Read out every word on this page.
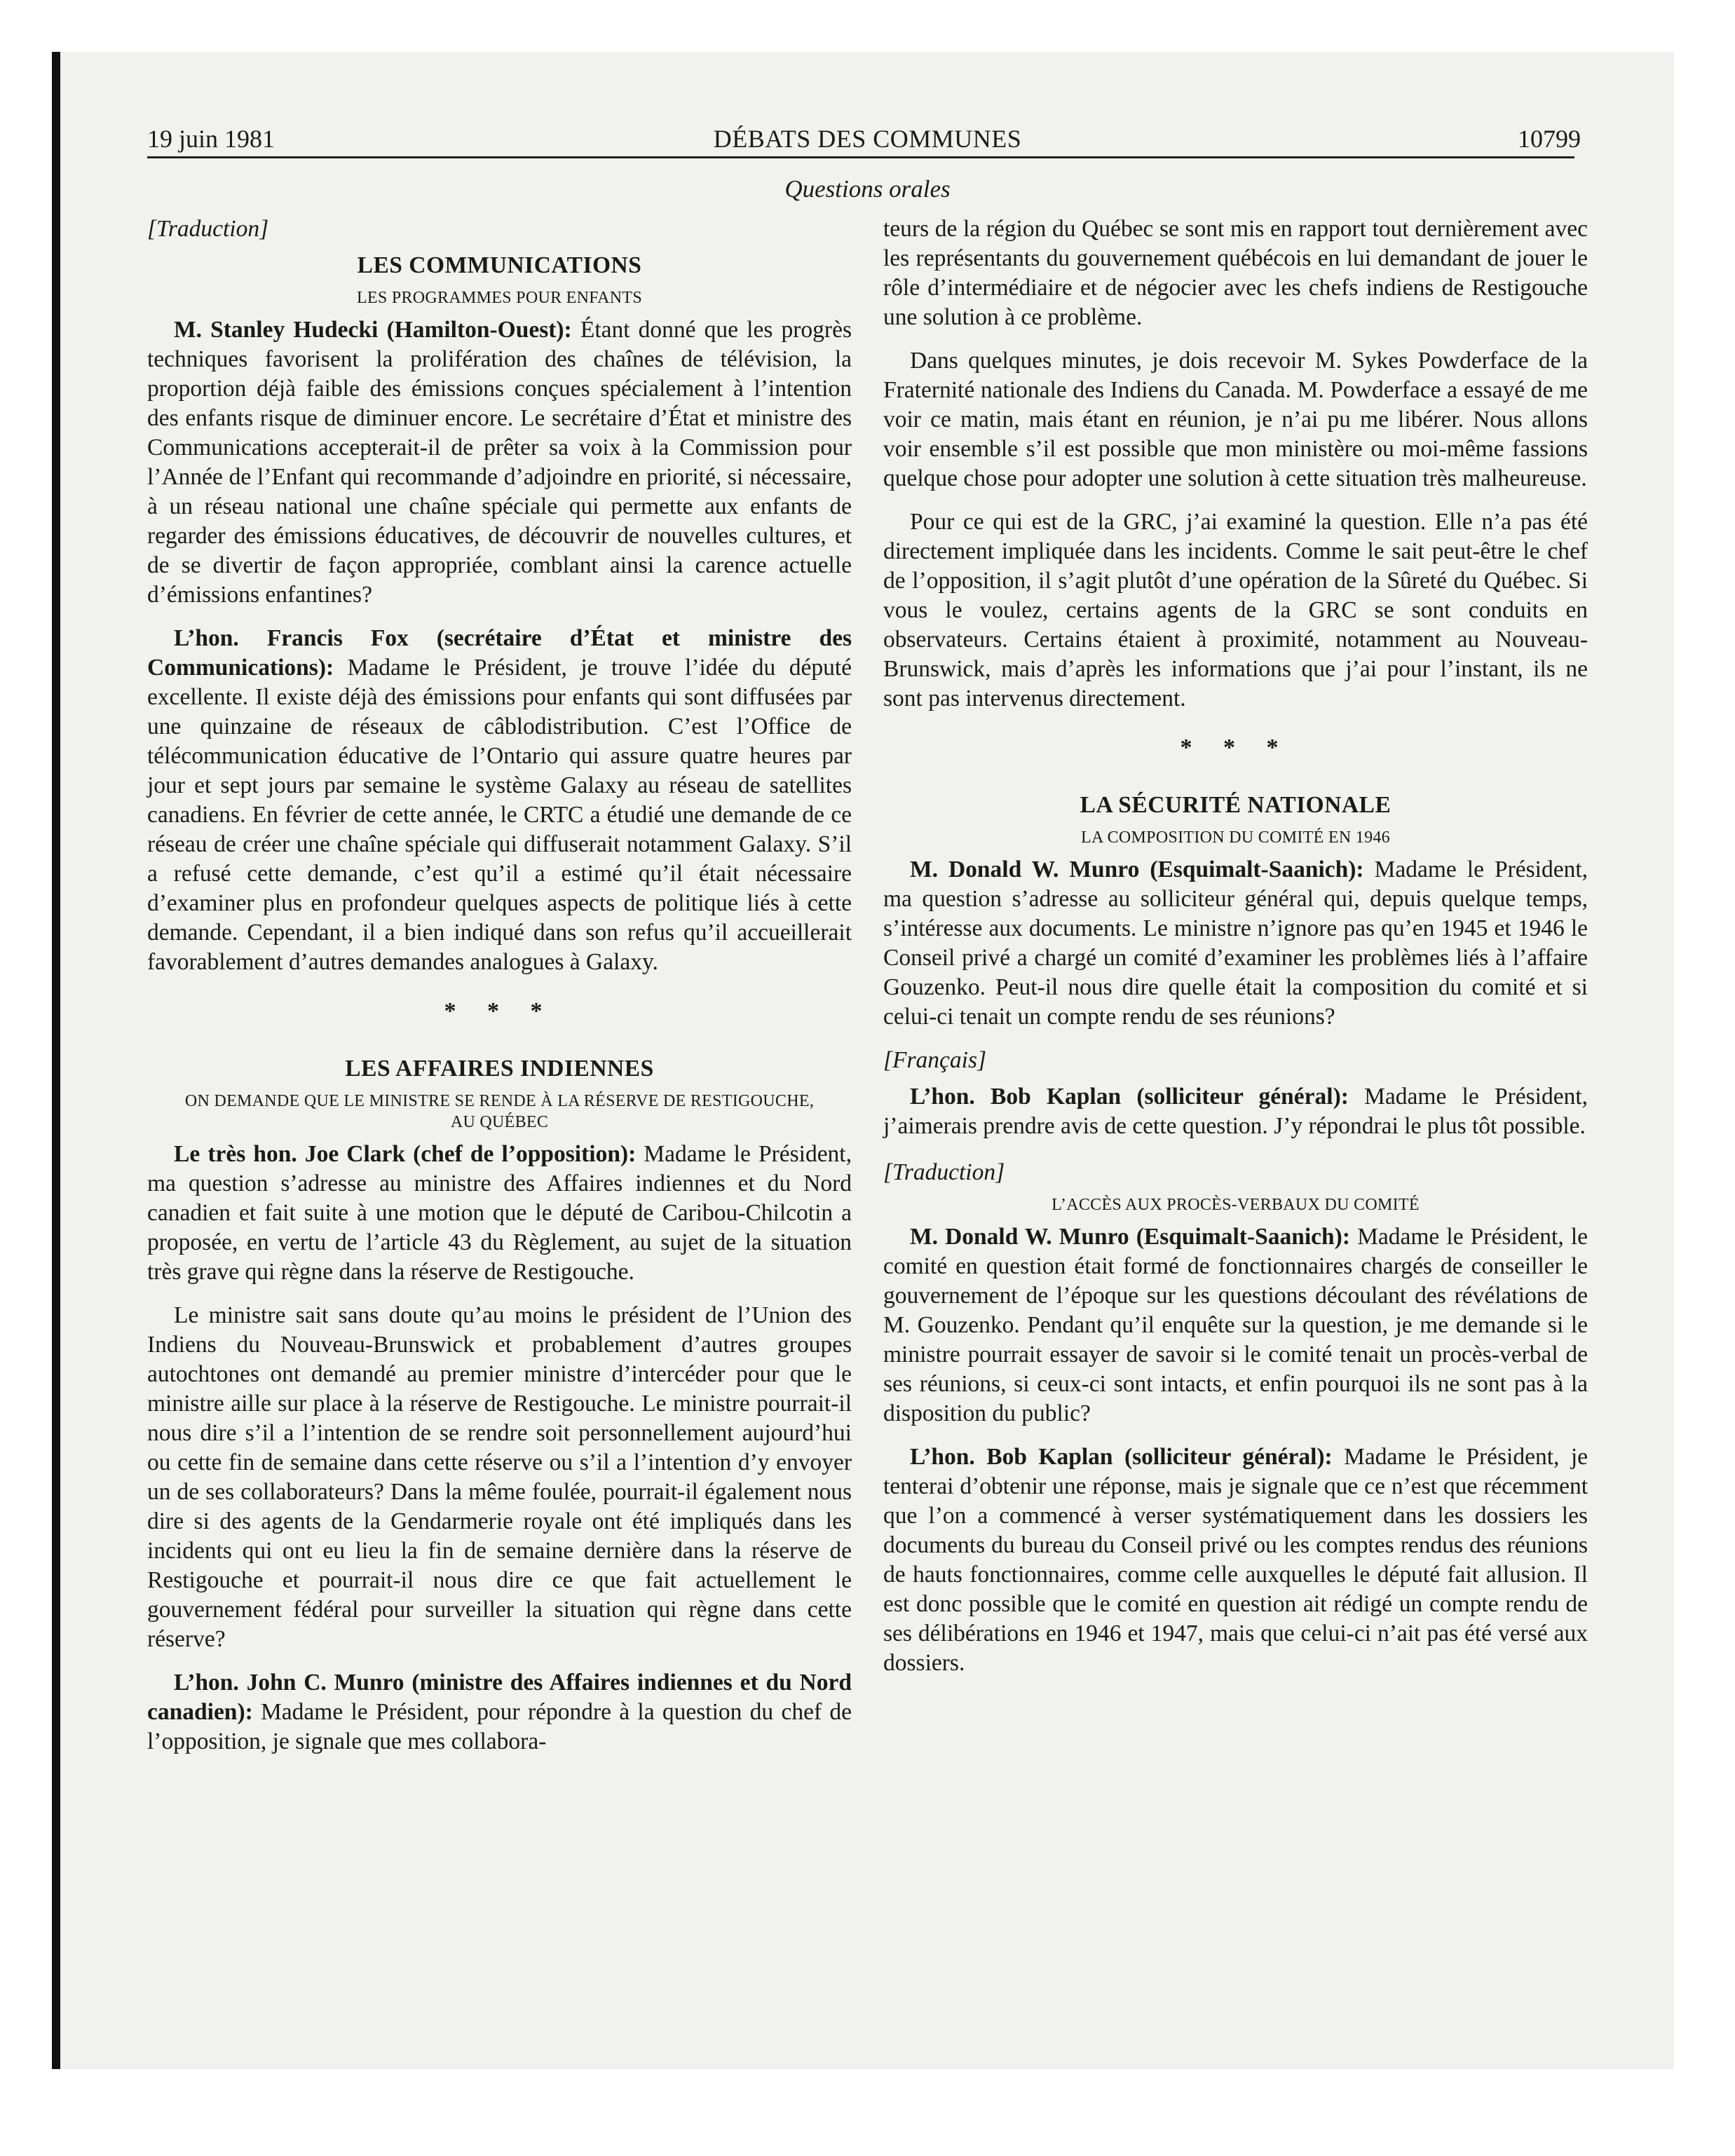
19 juin 1981	DÉBATS DES COMMUNES	10799
Questions orales
[Traduction]
LES COMMUNICATIONS
LES PROGRAMMES POUR ENFANTS

M. Stanley Hudecki (Hamilton-Ouest): Étant donné que les progrès techniques favorisent la prolifération des chaînes de télévision, la proportion déjà faible des émissions conçues spécialement à l’intention des enfants risque de diminuer encore. Le secrétaire d’État et ministre des Communications accepterait-il de prêter sa voix à la Commission pour l’Année de l’Enfant qui recommande d’adjoindre en priorité, si nécessaire, à un réseau national une chaîne spéciale qui permette aux enfants de regarder des émissions éducatives, de découvrir de nouvelles cultures, et de se divertir de façon appropriée, comblant ainsi la carence actuelle d’émissions enfantines?

L’hon. Francis Fox (secrétaire d’État et ministre des Communications): Madame le Président, je trouve l’idée du député excellente. Il existe déjà des émissions pour enfants qui sont diffusées par une quinzaine de réseaux de câblodistribution. C’est l’Office de télécommunication éducative de l’Ontario qui assure quatre heures par jour et sept jours par semaine le système Galaxy au réseau de satellites canadiens. En février de cette année, le CRTC a étudié une demande de ce réseau de créer une chaîne spéciale qui diffuserait notamment Galaxy. S’il a refusé cette demande, c’est qu’il a estimé qu’il était nécessaire d’examiner plus en profondeur quelques aspects de politique liés à cette demande. Cependant, il a bien indiqué dans son refus qu’il accueillerait favorablement d’autres demandes analogues à Galaxy.

* * *
LES AFFAIRES INDIENNES
ON DEMANDE QUE LE MINISTRE SE RENDE À LA RÉSERVE DE RESTIGOUCHE, AU QUÉBEC

Le très hon. Joe Clark (chef de l’opposition): Madame le Président, ma question s’adresse au ministre des Affaires indiennes et du Nord canadien et fait suite à une motion que le député de Caribou-Chilcotin a proposée, en vertu de l’article 43 du Règlement, au sujet de la situation très grave qui règne dans la réserve de Restigouche.

Le ministre sait sans doute qu’au moins le président de l’Union des Indiens du Nouveau-Brunswick et probablement d’autres groupes autochtones ont demandé au premier ministre d’intercéder pour que le ministre aille sur place à la réserve de Restigouche. Le ministre pourrait-il nous dire s’il a l’intention de se rendre soit personnellement aujourd’hui ou cette fin de semaine dans cette réserve ou s’il a l’intention d’y envoyer un de ses collaborateurs? Dans la même foulée, pourrait-il également nous dire si des agents de la Gendarmerie royale ont été impliqués dans les incidents qui ont eu lieu la fin de semaine dernière dans la réserve de Restigouche et pourrait-il nous dire ce que fait actuellement le gouvernement fédéral pour surveiller la situation qui règne dans cette réserve?

L’hon. John C. Munro (ministre des Affaires indiennes et du Nord canadien): Madame le Président, pour répondre à la question du chef de l’opposition, je signale que mes collabora-

teurs de la région du Québec se sont mis en rapport tout dernièrement avec les représentants du gouvernement québécois en lui demandant de jouer le rôle d’intermédiaire et de négocier avec les chefs indiens de Restigouche une solution à ce problème.

Dans quelques minutes, je dois recevoir M. Sykes Powderface de la Fraternité nationale des Indiens du Canada. M. Powderface a essayé de me voir ce matin, mais étant en réunion, je n’ai pu me libérer. Nous allons voir ensemble s’il est possible que mon ministère ou moi-même fassions quelque chose pour adopter une solution à cette situation très malheureuse.

Pour ce qui est de la GRC, j’ai examiné la question. Elle n’a pas été directement impliquée dans les incidents. Comme le sait peut-être le chef de l’opposition, il s’agit plutôt d’une opération de la Sûreté du Québec. Si vous le voulez, certains agents de la GRC se sont conduits en observateurs. Certains étaient à proximité, notamment au Nouveau-Brunswick, mais d’après les informations que j’ai pour l’instant, ils ne sont pas intervenus directement.

* * *
LA SÉCURITÉ NATIONALE
LA COMPOSITION DU COMITÉ EN 1946

M. Donald W. Munro (Esquimalt-Saanich): Madame le Président, ma question s’adresse au solliciteur général qui, depuis quelque temps, s’intéresse aux documents. Le ministre n’ignore pas qu’en 1945 et 1946 le Conseil privé a chargé un comité d’examiner les problèmes liés à l’affaire Gouzenko. Peut-il nous dire quelle était la composition du comité et si celui-ci tenait un compte rendu de ses réunions?

[Français]

L’hon. Bob Kaplan (solliciteur général): Madame le Président, j’aimerais prendre avis de cette question. J’y répondrai le plus tôt possible.

[Traduction]
L’ACCÈS AUX PROCÈS-VERBAUX DU COMITÉ

M. Donald W. Munro (Esquimalt-Saanich): Madame le Président, le comité en question était formé de fonctionnaires chargés de conseiller le gouvernement de l’époque sur les questions découlant des révélations de M. Gouzenko. Pendant qu’il enquête sur la question, je me demande si le ministre pourrait essayer de savoir si le comité tenait un procès-verbal de ses réunions, si ceux-ci sont intacts, et enfin pourquoi ils ne sont pas à la disposition du public?

L’hon. Bob Kaplan (solliciteur général): Madame le Président, je tenterai d’obtenir une réponse, mais je signale que ce n’est que récemment que l’on a commencé à verser systématiquement dans les dossiers les documents du bureau du Conseil privé ou les comptes rendus des réunions de hauts fonctionnaires, comme celle auxquelles le député fait allusion. Il est donc possible que le comité en question ait rédigé un compte rendu de ses délibérations en 1946 et 1947, mais que celui-ci n’ait pas été versé aux dossiers.
